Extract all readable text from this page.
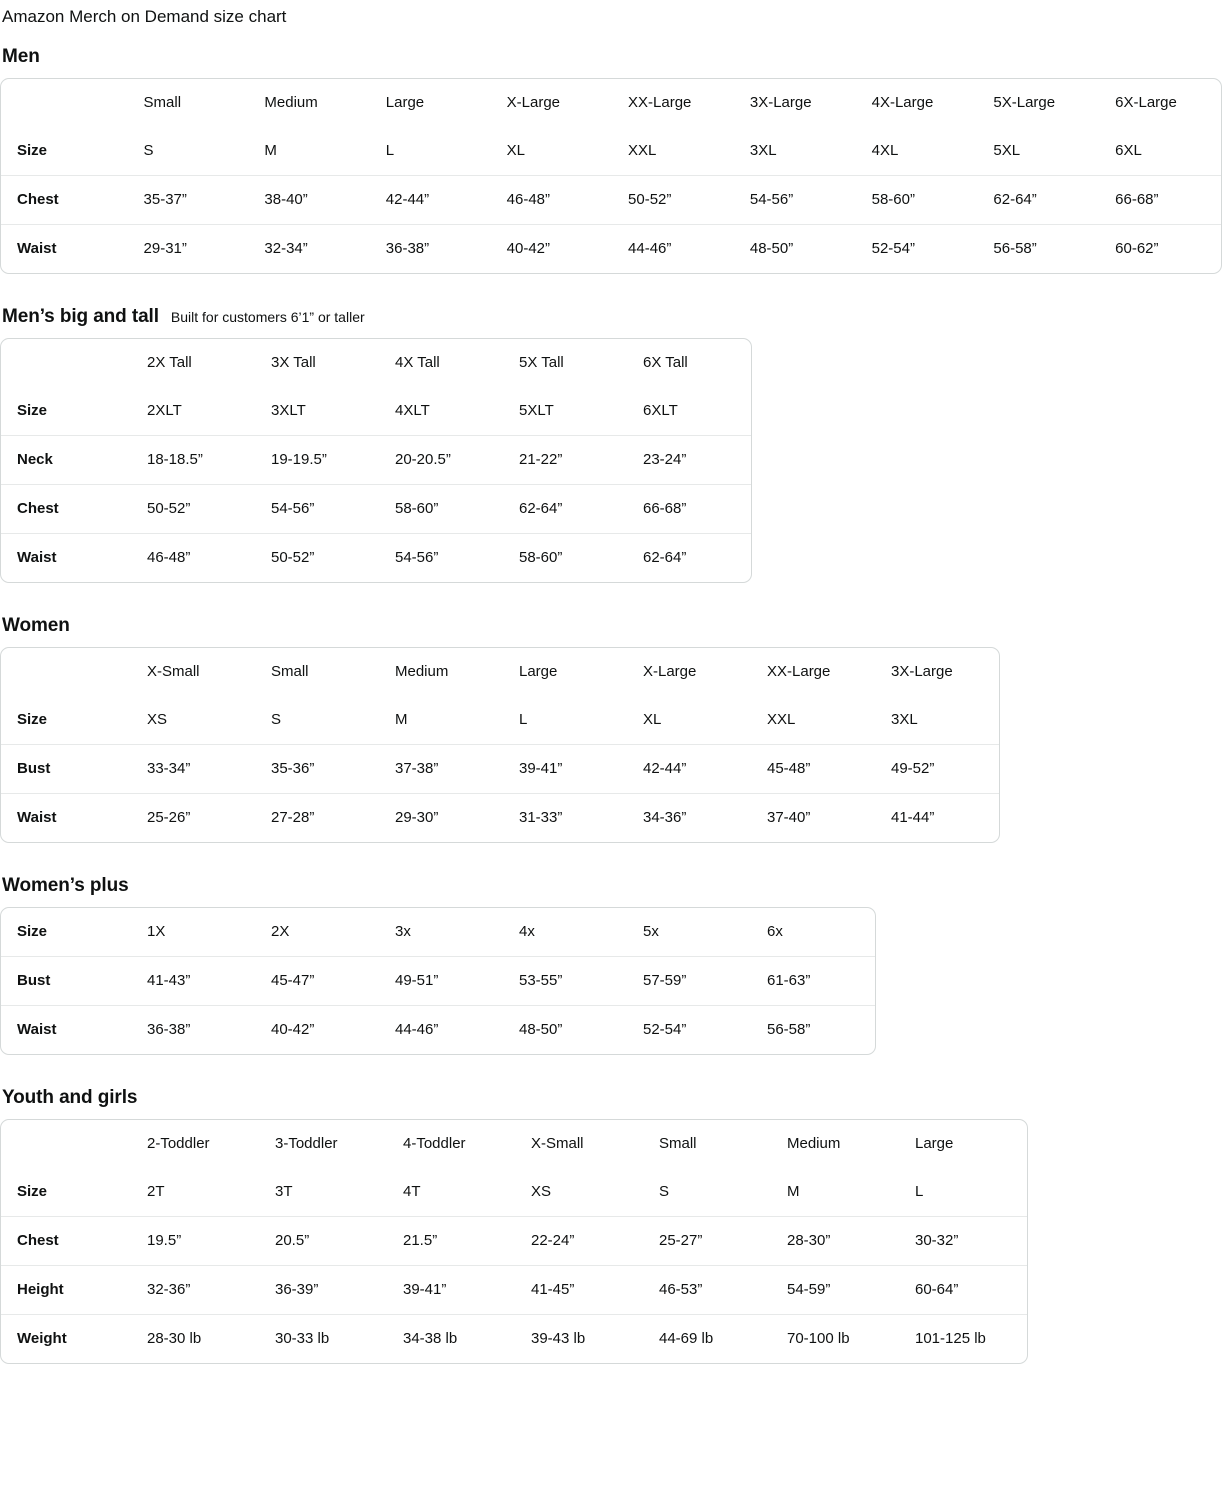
Amazon Merch on Demand size chart
Men
	Small	Medium	Large	X-Large	XX-Large	3X-Large	4X-Large	5X-Large	6X-Large
Size	S	M	L	XL	XXL	3XL	4XL	5XL	6XL
Chest	35-37”	38-40”	42-44”	46-48”	50-52”	54-56”	58-60”	62-64”	66-68”
Waist	29-31”	32-34”	36-38”	40-42”	44-46”	48-50”	52-54”	56-58”	60-62”
Men’s big and tall Built for customers 6’1” or taller
	2X Tall	3X Tall	4X Tall	5X Tall	6X Tall
Size	2XLT	3XLT	4XLT	5XLT	6XLT
Neck	18-18.5”	19-19.5”	20-20.5”	21-22”	23-24”
Chest	50-52”	54-56”	58-60”	62-64”	66-68”
Waist	46-48”	50-52”	54-56”	58-60”	62-64”
Women
	X-Small	Small	Medium	Large	X-Large	XX-Large	3X-Large
Size	XS	S	M	L	XL	XXL	3XL
Bust	33-34”	35-36”	37-38”	39-41”	42-44”	45-48”	49-52”
Waist	25-26”	27-28”	29-30”	31-33”	34-36”	37-40”	41-44”
Women’s plus
Size	1X	2X	3x	4x	5x	6x
Bust	41-43”	45-47”	49-51”	53-55”	57-59”	61-63”
Waist	36-38”	40-42”	44-46”	48-50”	52-54”	56-58”
Youth and girls
	2-Toddler	3-Toddler	4-Toddler	X-Small	Small	Medium	Large
Size	2T	3T	4T	XS	S	M	L
Chest	19.5”	20.5”	21.5”	22-24”	25-27”	28-30”	30-32”
Height	32-36”	36-39”	39-41”	41-45”	46-53”	54-59”	60-64”
Weight	28-30 lb	30-33 lb	34-38 lb	39-43 lb	44-69 lb	70-100 lb	101-125 lb
